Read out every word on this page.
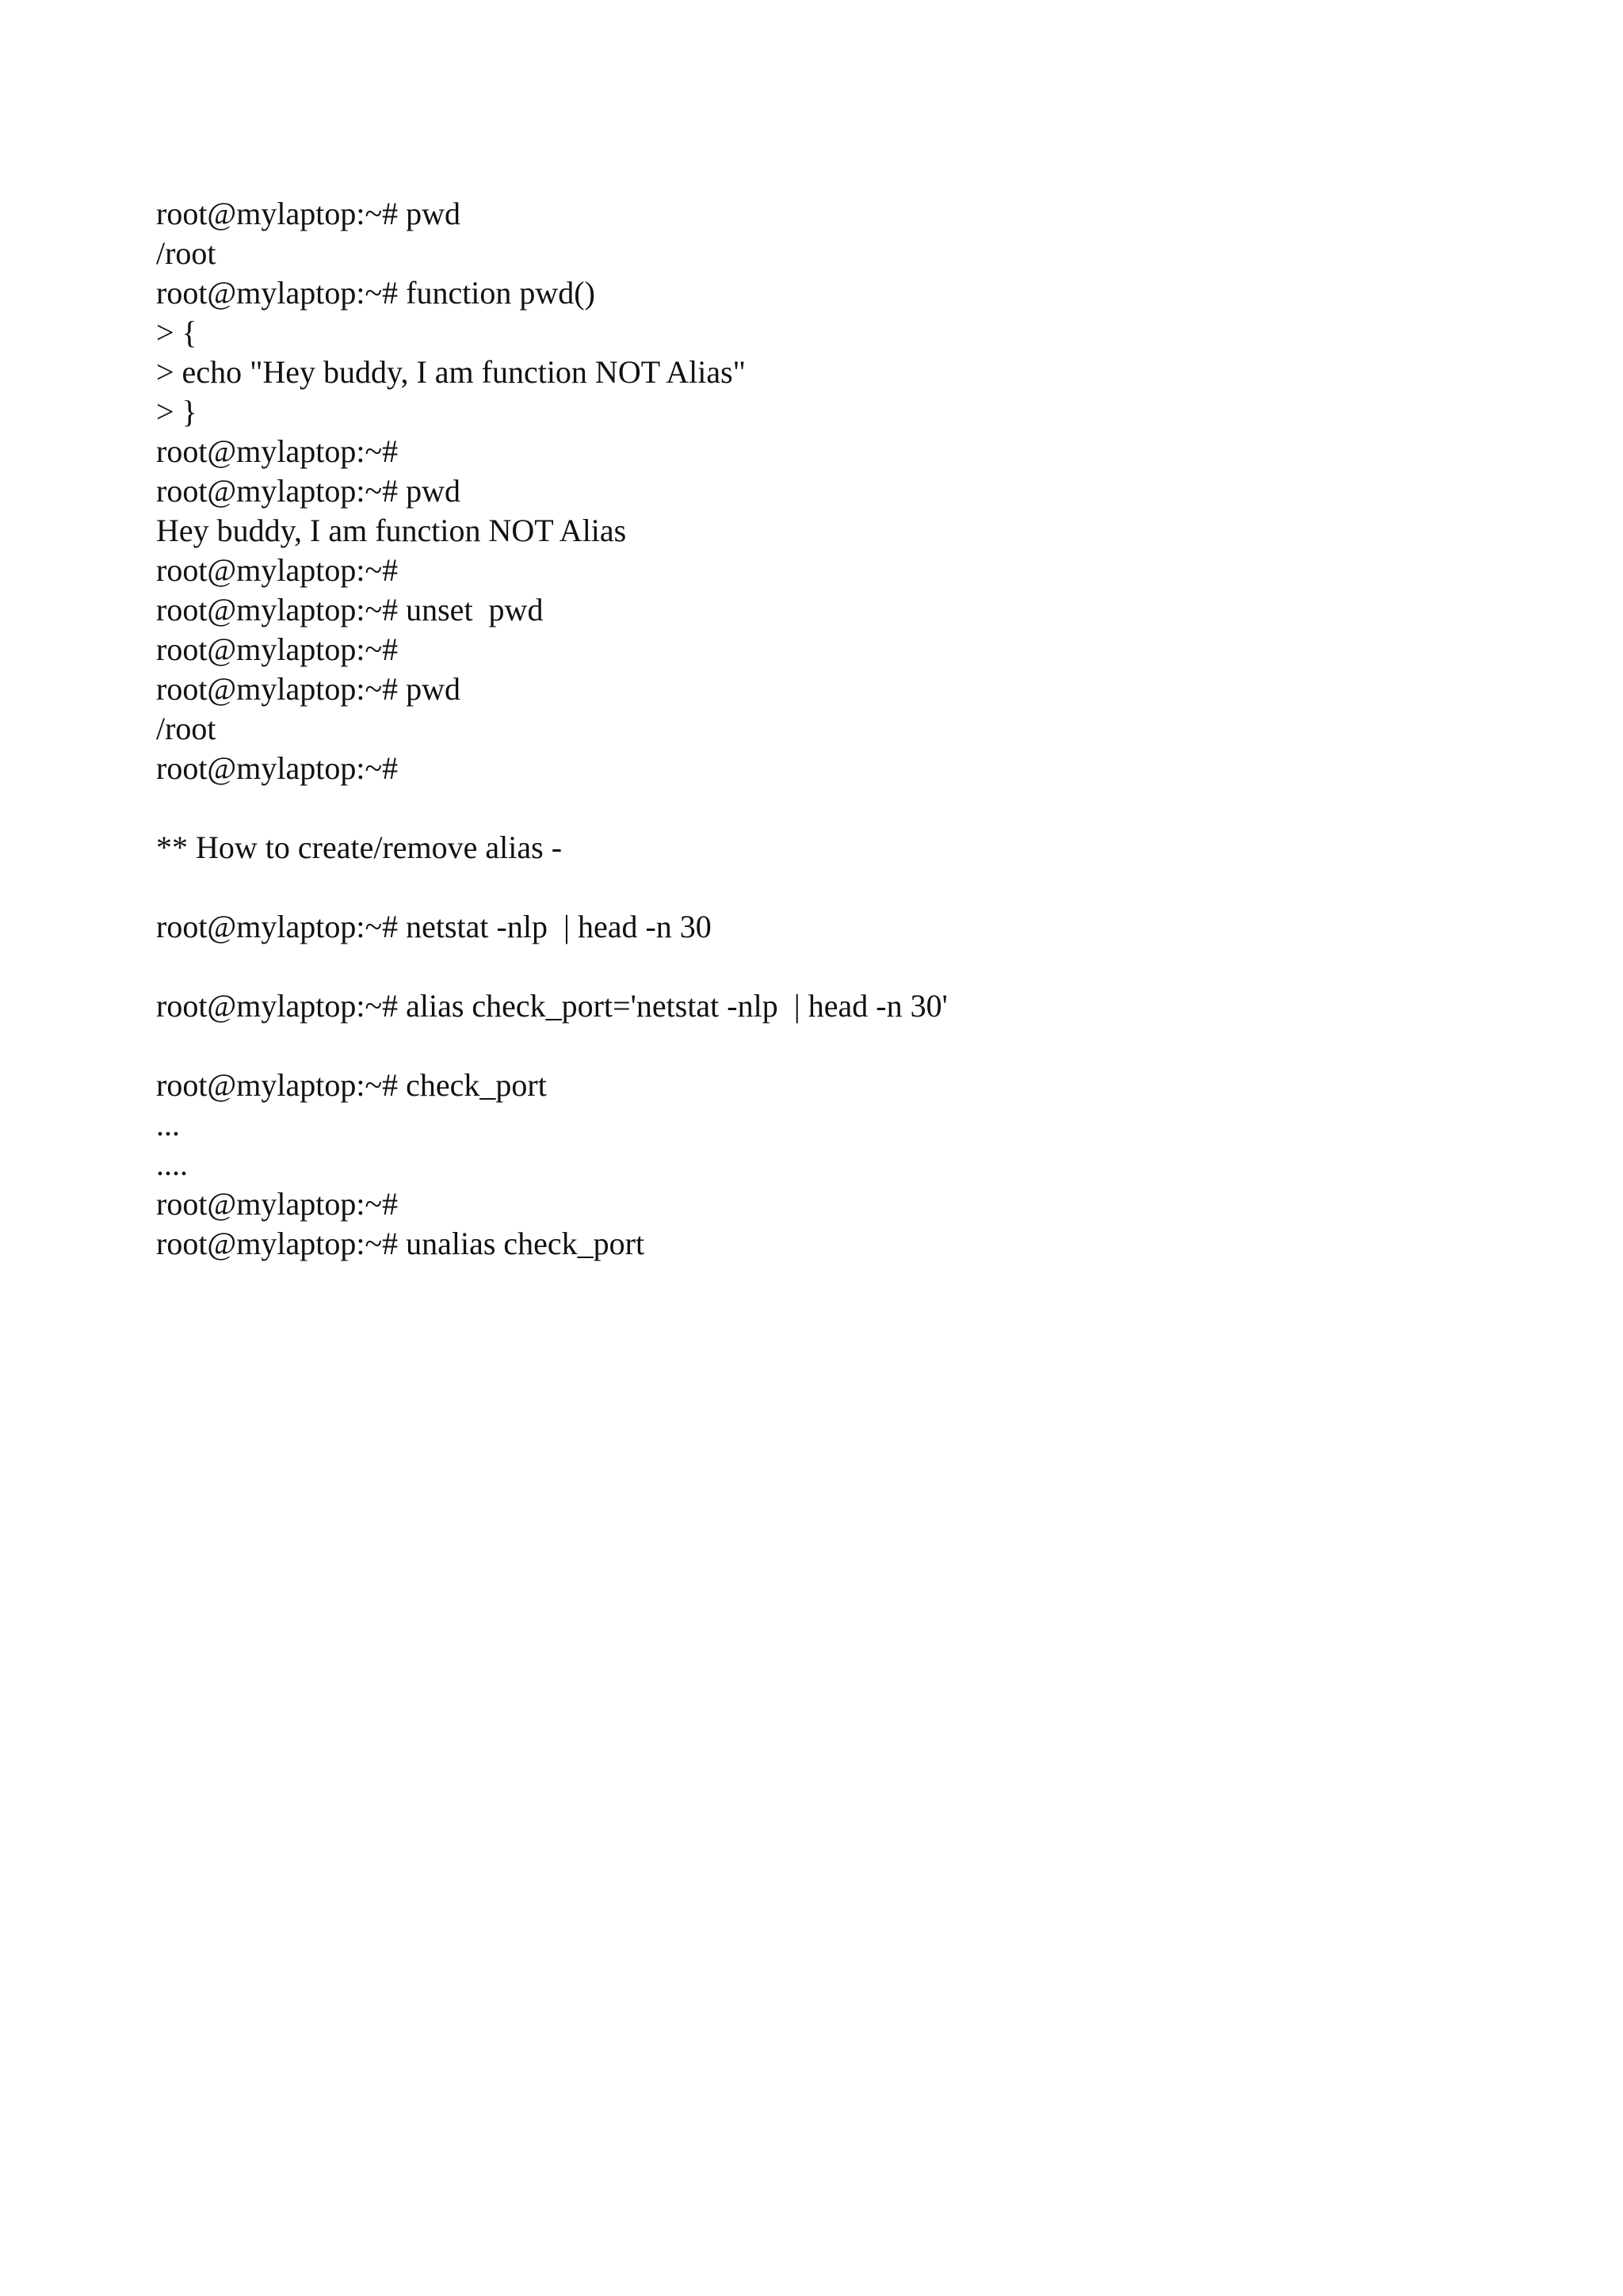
root@mylaptop:~# pwd
/root
root@mylaptop:~# function pwd()
> {
> echo "Hey buddy, I am function NOT Alias"
> }
root@mylaptop:~#
root@mylaptop:~# pwd
Hey buddy, I am function NOT Alias
root@mylaptop:~#
root@mylaptop:~# unset  pwd
root@mylaptop:~#
root@mylaptop:~# pwd
/root
root@mylaptop:~#
** How to create/remove alias -
root@mylaptop:~# netstat -nlp  | head -n 30
root@mylaptop:~# alias check_port='netstat -nlp  | head -n 30'
root@mylaptop:~# check_port
...
....
root@mylaptop:~#
root@mylaptop:~# unalias check_port
